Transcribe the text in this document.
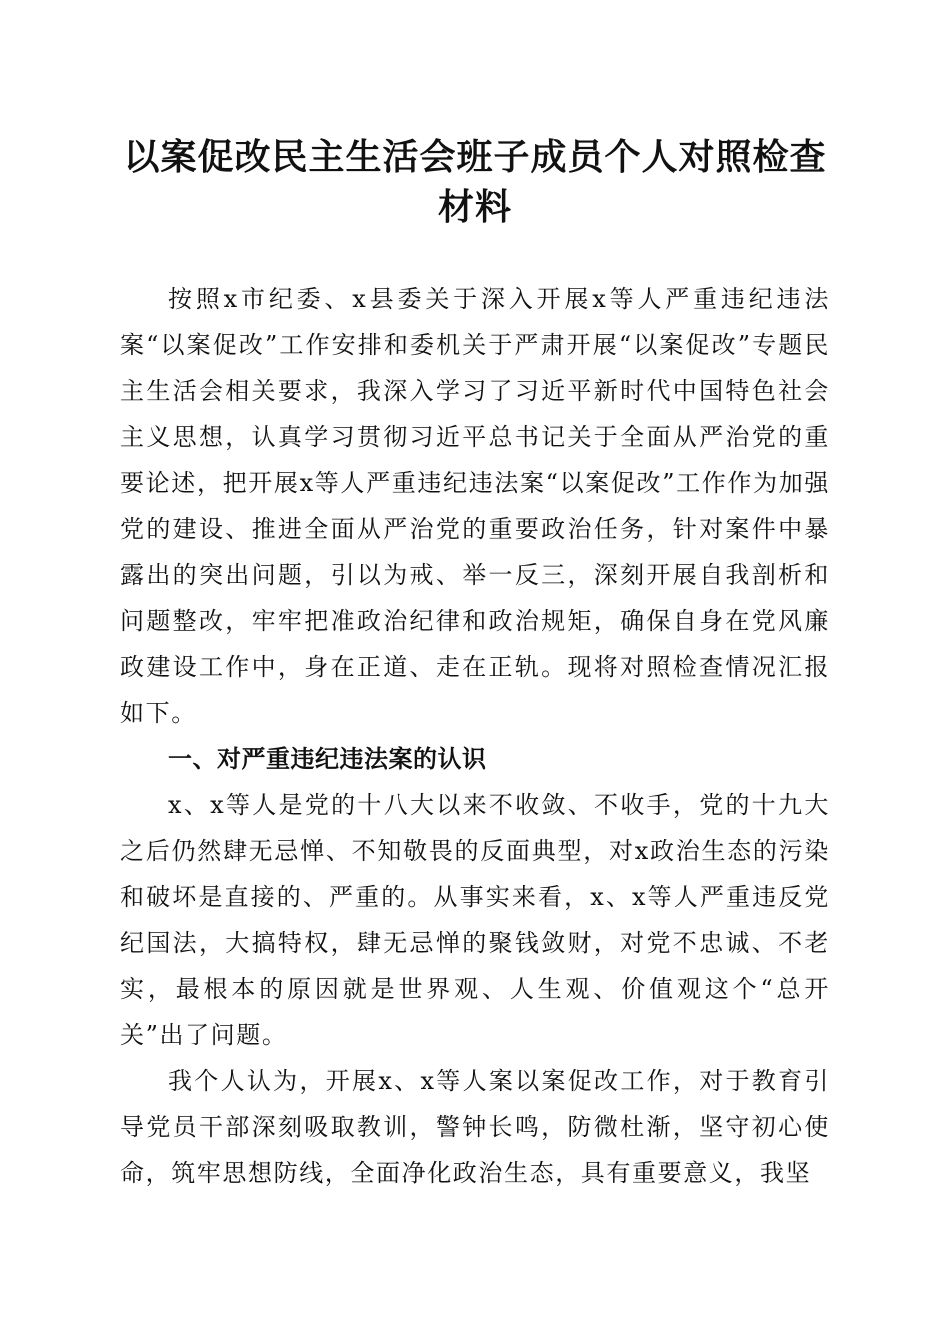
以案促改民主生活会班子成员个人对照检查材料

按照x市纪委、x县委关于深入开展x等人严重违纪违法案“以案促改”工作安排和委机关于严肃开展“以案促改”专题民主生活会相关要求，我深入学习了习近平新时代中国特色社会主义思想，认真学习贯彻习近平总书记关于全面从严治党的重要论述，把开展x等人严重违纪违法案“以案促改”工作作为加强党的建设、推进全面从严治党的重要政治任务，针对案件中暴露出的突出问题，引以为戒、举一反三，深刻开展自我剖析和问题整改，牢牢把准政治纪律和政治规矩，确保自身在党风廉政建设工作中，身在正道、走在正轨。现将对照检查情况汇报如下。

一、对严重违纪违法案的认识

x、x等人是党的十八大以来不收敛、不收手，党的十九大之后仍然肆无忌惮、不知敬畏的反面典型，对x政治生态的污染和破坏是直接的、严重的。从事实来看，x、x等人严重违反党纪国法，大搞特权，肆无忌惮的聚钱敛财，对党不忠诚、不老实，最根本的原因就是世界观、人生观、价值观这个“总开关”出了问题。

我个人认为，开展x、x等人案以案促改工作，对于教育引导党员干部深刻吸取教训，警钟长鸣，防微杜渐，坚守初心使命，筑牢思想防线，全面净化政治生态，具有重要意义，我坚
